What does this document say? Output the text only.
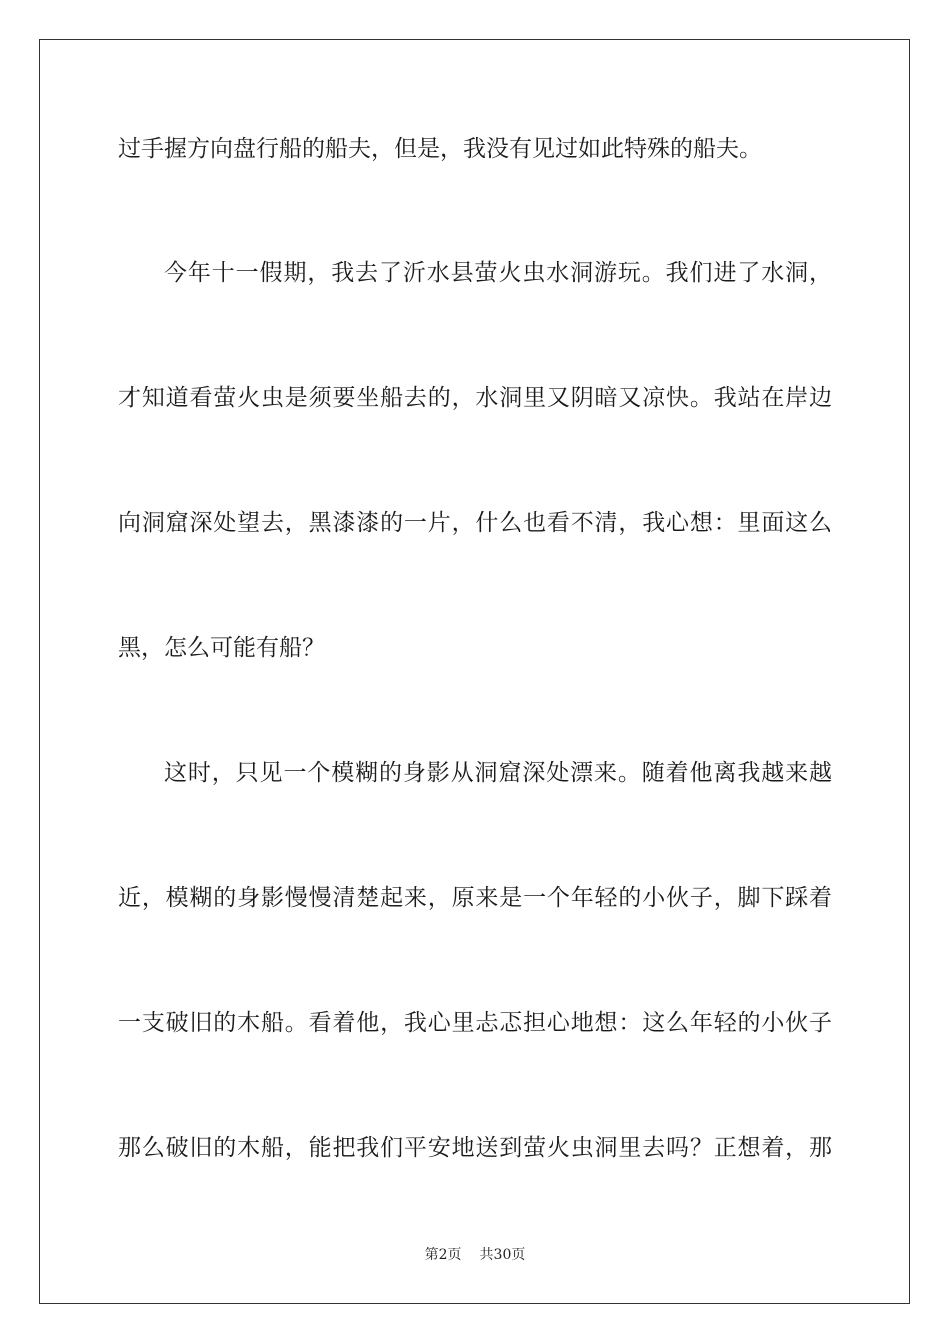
过手握方向盘行船的船夫，但是，我没有见过如此特殊的船夫。
今年十一假期，我去了沂水县萤火虫水洞游玩。我们进了水洞，
才知道看萤火虫是须要坐船去的，水洞里又阴暗又凉快。我站在岸边
向洞窟深处望去，黑漆漆的一片，什么也看不清，我心想：里面这么
黑，怎么可能有船？
这时，只见一个模糊的身影从洞窟深处漂来。随着他离我越来越
近，模糊的身影慢慢清楚起来，原来是一个年轻的小伙子，脚下踩着
一支破旧的木船。看着他，我心里忐忑担心地想：这么年轻的小伙子
那么破旧的木船，能把我们平安地送到萤火虫洞里去吗？正想着，那
第2页 共30页
